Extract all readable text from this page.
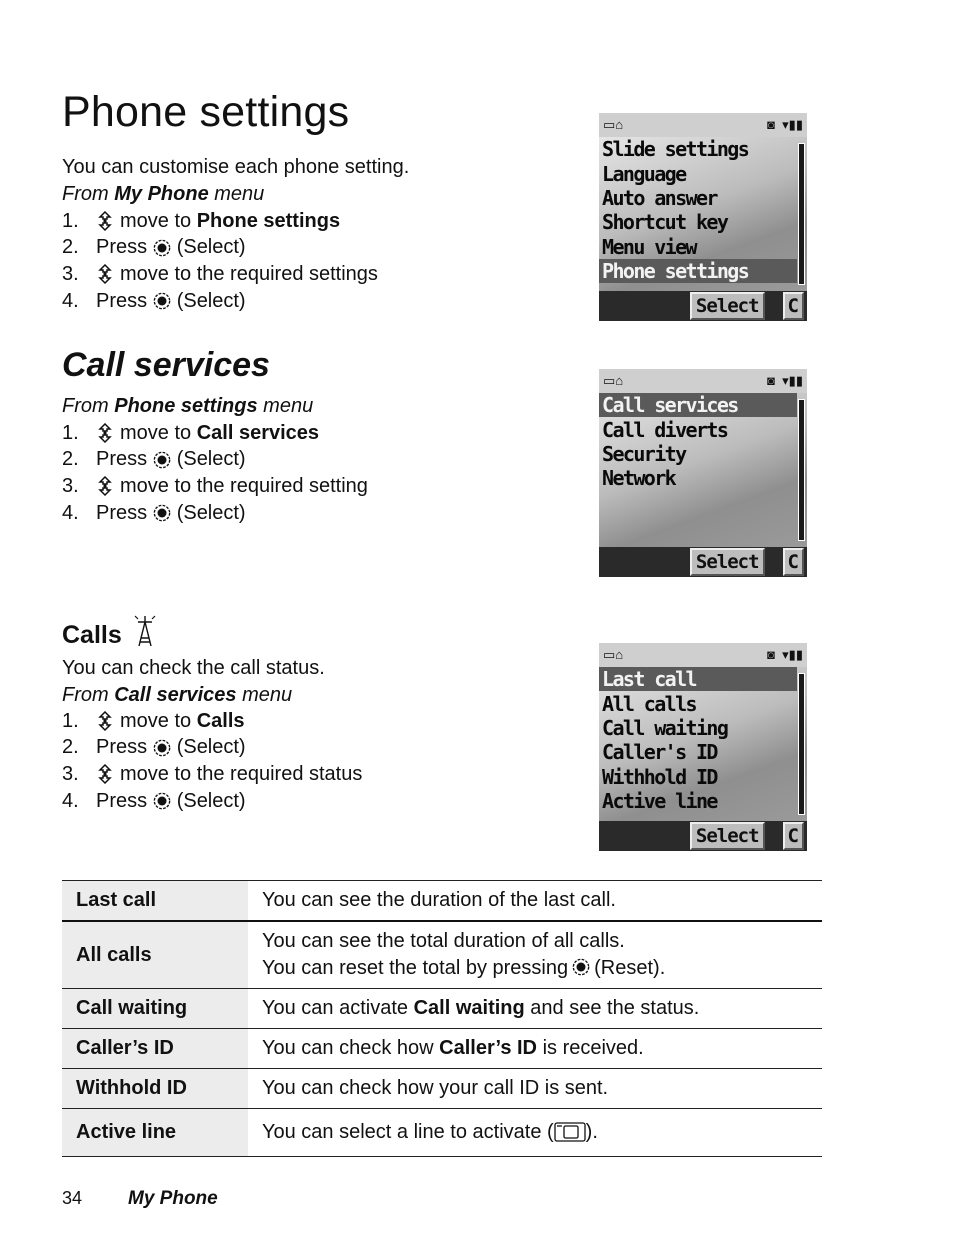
Phone settings
You can customise each phone setting.
From My Phone menu
1.	move to
Phone settings
2. Press
(Select)
3.	move to the required settings
4. Press
(Select)
Call services
From Phone settings menu
1.	move to
Call services
2. Press
(Select)
3.	move to the required setting
4. Press
(Select)
Calls
You can check the call status.
From Call services menu
1.	move to
Calls
2. Press
(Select)
3.	move to the required status
4. Press
(Select)
▭⌂	◙  ▾▮▮
Slide settings
Language
Auto answer
Shortcut key
Menu view
Phone settings
Select	C
▭⌂	◙  ▾▮▮
Call services
Call diverts
Security
Network
Select	C
▭⌂	◙  ▾▮▮
Last call
All calls
Call waiting
Caller's ID
Withhold ID
Active line
Select	C
Last call	You can see the duration of the last call.
All calls	You can see the total duration of all calls.
You can reset the total by pressing (Reset).

Call waiting	You can activate Call waiting and see the status.
Caller’s ID	You can check how Caller’s ID is received.
Withhold ID	You can check how your call ID is sent.
Active line	You can select a line to activate ( ).
34 My Phone
